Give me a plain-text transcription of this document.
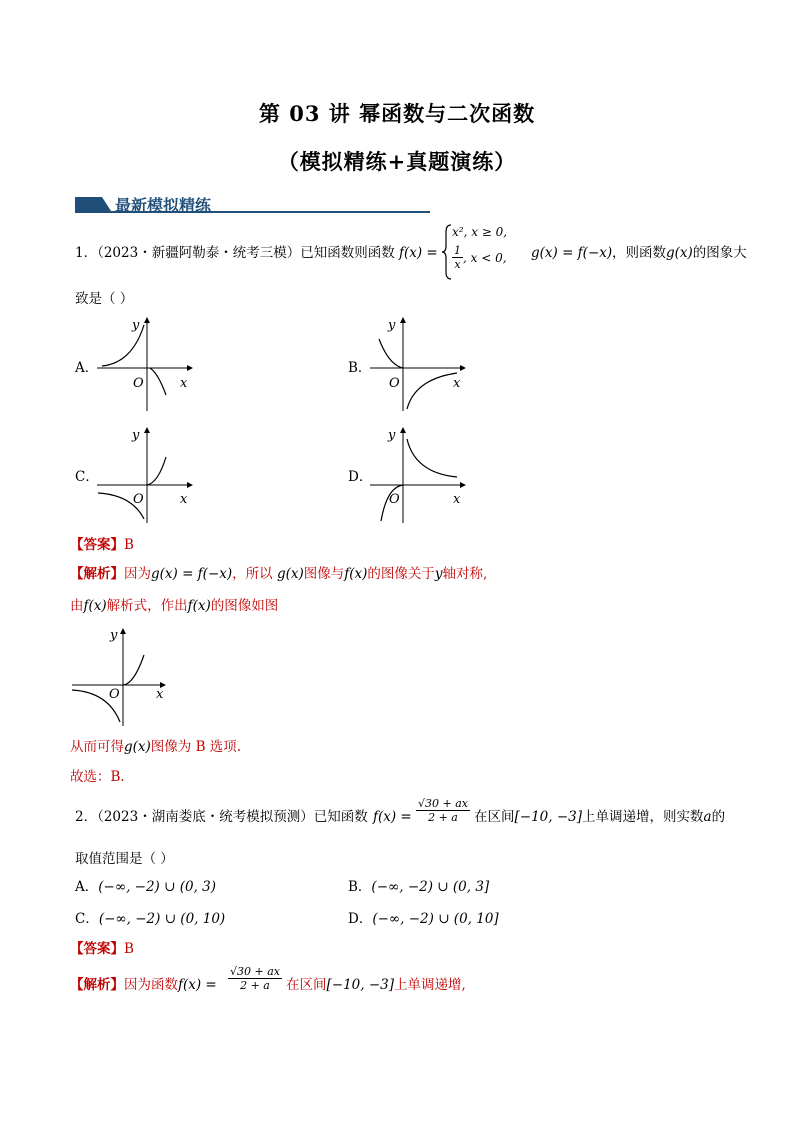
第 03 讲 幂函数与二次函数
（模拟精练+真题演练）
最新模拟精练
1．（2023・新疆阿勒泰・统考三模）已知函数则函数 f(x) =
x², x ≥ 0,
$\frac{1}{x}$ , x < 0, g(x) = f(−x) ，则函数g(x)的图象大
致是（ ）
A．	B．
C．	D．
x
y
O	x
y
O
x
y
O	x
y
O
【答案】B
【解析】因为g(x) = f(−x)，所以 g(x)图像与f(x)的图像关于y轴对称,
由f(x)解析式，作出f(x)的图像如图
x
y
O
从而可得g(x)图像为 B 选项.
故选：B.
2．（2023・湖南娄底・统考模拟预测）已知函数 $f(x) = \frac{√30 + ax}{2 + a}$ 在区间[−10, −3]上单调递增，则实数a的
取值范围是（ ）
A．(−∞, −2) ∪ (0, 3)	B．(−∞, −2) ∪ (0, 3]
C．(−∞, −2) ∪ (0, 10)	D．(−∞, −2) ∪ (0, 10]
【答案】B
【解析】因为函数$f(x) = \frac{√30 + ax}{2 + a}$ 在区间[−10, −3]上单调递增,
